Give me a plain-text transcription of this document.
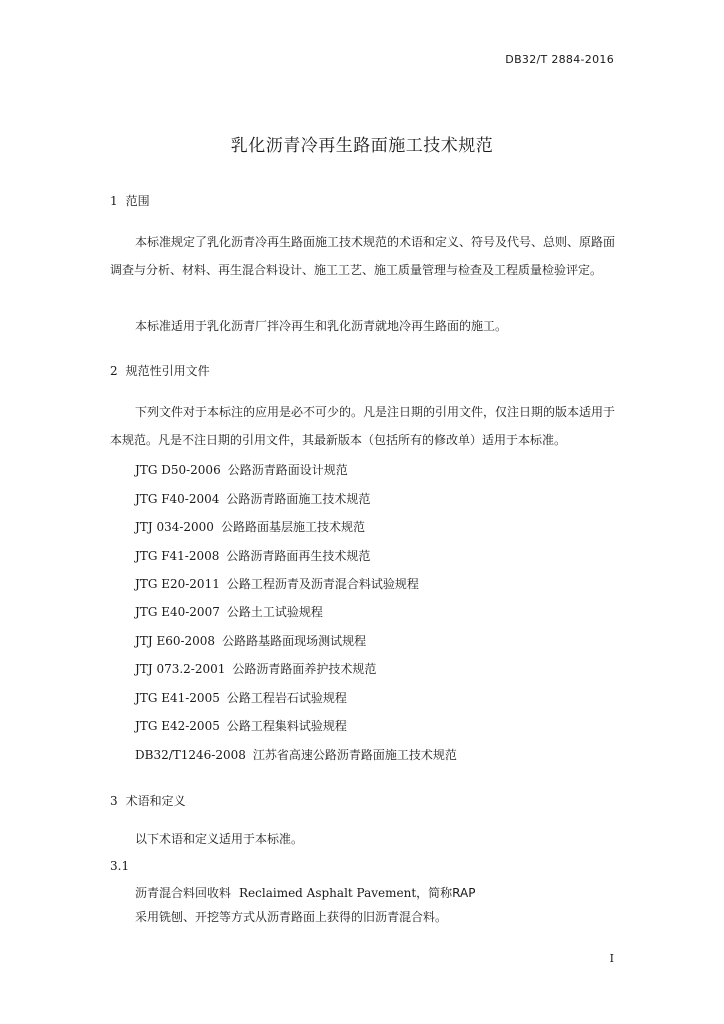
DB32/T 2884-2016
乳化沥青冷再生路面施工技术规范
1 范围
本标准规定了乳化沥青冷再生路面施工技术规范的术语和定义、符号及代号、总则、原路面调查与分析、材料、再生混合料设计、施工工艺、施工质量管理与检查及工程质量检验评定。
本标准适用于乳化沥青厂拌冷再生和乳化沥青就地冷再生路面的施工。
2 规范性引用文件
下列文件对于本标注的应用是必不可少的。凡是注日期的引用文件，仅注日期的版本适用于本规范。凡是不注日期的引用文件，其最新版本（包括所有的修改单）适用于本标准。
JTG D50-2006 公路沥青路面设计规范
JTG F40-2004 公路沥青路面施工技术规范
JTJ 034-2000 公路路面基层施工技术规范
JTG F41-2008 公路沥青路面再生技术规范
JTG E20-2011 公路工程沥青及沥青混合料试验规程
JTG E40-2007 公路土工试验规程
JTJ E60-2008 公路路基路面现场测试规程
JTJ 073.2-2001 公路沥青路面养护技术规范
JTG E41-2005 公路工程岩石试验规程
JTG E42-2005 公路工程集料试验规程
DB32/T1246-2008 江苏省高速公路沥青路面施工技术规范
3 术语和定义
以下术语和定义适用于本标准。
3.1
沥青混合料回收料 Reclaimed Asphalt Pavement，简称RAP
采用铣刨、开挖等方式从沥青路面上获得的旧沥青混合料。
I
